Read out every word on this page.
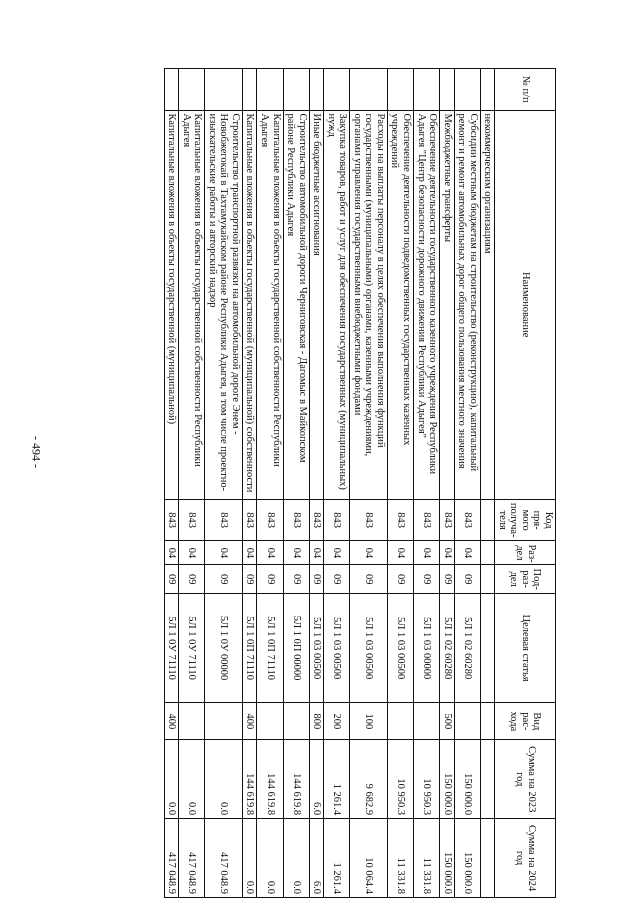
- 494 -
№ п/п	Наименование	Код пря-мого получа-теля	Раз-дел	Под-раз-дел	Целевая статья	Вид рас-хода	Сумма на 2023 год	Сумма на 2024 год
	некоммерческим организациям							
	Субсидии местным бюджетам на строительство (реконструкцию), капитальный ремонт и ремонт автомобильных дорог общего пользования местного значения	843	04	09	5Л 1 02 60280		150 000.0	150 000.0
	Межбюджетные трансферты	843	04	09	5Л 1 02 60280	500	150 000.0	150 000.0
	Обеспечение деятельности государственного казенного учреждения Республики Адыгея "Центр безопасности дорожного движения Республики Адыгея"	843	04	09	5Л 1 03 00000		10 950.3	11 331.8
	Обеспечение деятельности подведомственных государственных казенных учреждений	843	04	09	5Л 1 03 00500		10 950.3	11 331.8
	Расходы на выплаты персоналу в целях обеспечения выполнения функций государственными (муниципальными) органами, казенными учреждениями, органами управления государственными внебюджетными фондами	843	04	09	5Л 1 03 00500	100	9 682.9	10 064.4
	Закупка товаров, работ и услуг для обеспечения государственных (муниципальных) нужд	843	04	09	5Л 1 03 00500	200	1 261.4	1 261.4
	Иные бюджетные ассигнования	843	04	09	5Л 1 03 00500	800	6.0	6.0
	Строительство автомобильной дороги Черниговская - Дагомыс в Майкопском районе Республики Адыгея	843	04	09	5Л 1 0П 00000		144 619.8	0.0
	Капитальные вложения в объекты государственной собственности Республики Адыгея	843	04	09	5Л 1 0П 71110		144 619.8	0.0
	Капитальные вложения в объекты государственной (муниципальной) собственности	843	04	09	5Л 1 0П 71110	400	144 619.8	0.0
	Строительство транспортной развязки на автомобильной дороге Энем - Новобжегокай в Тахтамукайском районе Республики Адыгея, в том числе проектно-изыскательские работы и авторский надзор	843	04	09	5Л 1 0У 00000		0.0	417 048.9
	Капитальные вложения в объекты государственной собственности Республики Адыгея	843	04	09	5Л 1 0У 71110		0.0	417 048.9
	Капитальные вложения в объекты государственной (муниципальной)	843	04	09	5Л 1 0У 71110	400	0.0	417 048.9
